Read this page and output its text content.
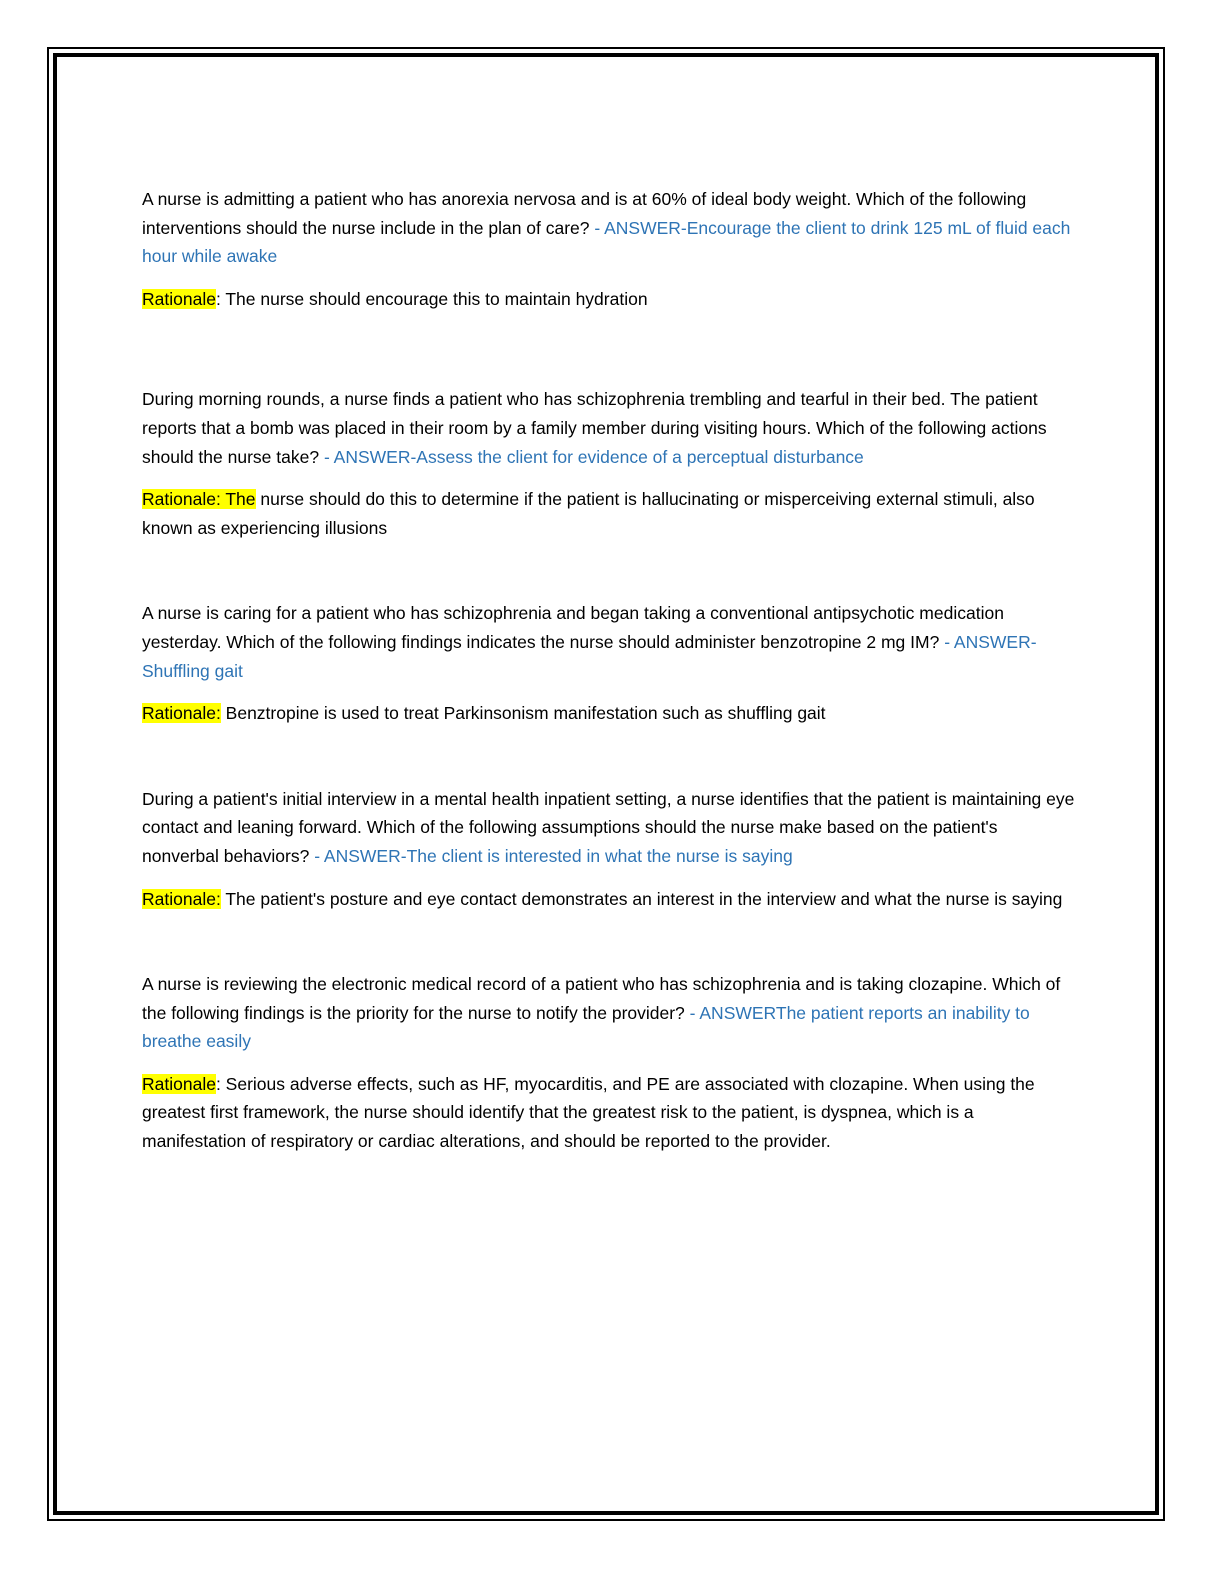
A nurse is admitting a patient who has anorexia nervosa and is at 60% of ideal body weight. Which of the following interventions should the nurse include in the plan of care? - ANSWER-Encourage the client to drink 125 mL of fluid each hour while awake

Rationale: The nurse should encourage this to maintain hydration

During morning rounds, a nurse finds a patient who has schizophrenia trembling and tearful in their bed. The patient reports that a bomb was placed in their room by a family member during visiting hours. Which of the following actions should the nurse take? - ANSWER-Assess the client for evidence of a perceptual disturbance

Rationale: The nurse should do this to determine if the patient is hallucinating or misperceiving external stimuli, also known as experiencing illusions

A nurse is caring for a patient who has schizophrenia and began taking a conventional antipsychotic medication yesterday. Which of the following findings indicates the nurse should administer benzotropine 2 mg IM? - ANSWER-Shuffling gait

Rationale: Benztropine is used to treat Parkinsonism manifestation such as shuffling gait

During a patient's initial interview in a mental health inpatient setting, a nurse identifies that the patient is maintaining eye contact and leaning forward. Which of the following assumptions should the nurse make based on the patient's nonverbal behaviors? - ANSWER-The client is interested in what the nurse is saying

Rationale: The patient's posture and eye contact demonstrates an interest in the interview and what the nurse is saying

A nurse is reviewing the electronic medical record of a patient who has schizophrenia and is taking clozapine. Which of the following findings is the priority for the nurse to notify the provider? - ANSWERThe patient reports an inability to breathe easily

Rationale: Serious adverse effects, such as HF, myocarditis, and PE are associated with clozapine. When using the greatest first framework, the nurse should identify that the greatest risk to the patient, is dyspnea, which is a manifestation of respiratory or cardiac alterations, and should be reported to the provider.
